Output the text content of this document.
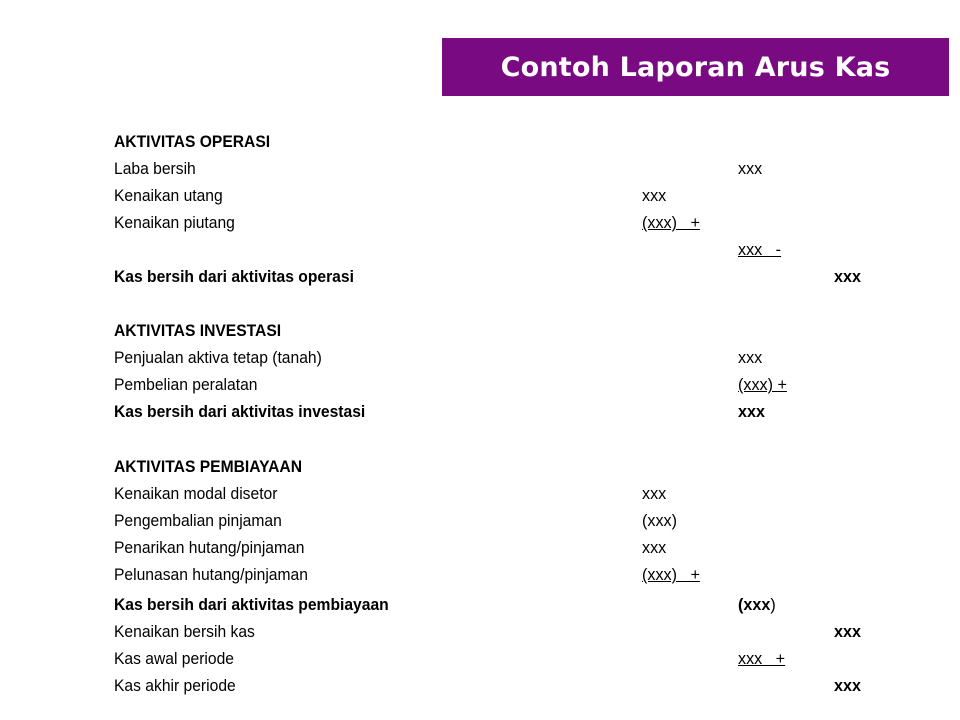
Contoh Laporan Arus Kas
AKTIVITAS OPERASI
Laba bersih	xxx
Kenaikan utang	xxx
Kenaikan piutang	(xxx)   +
xxx   -
Kas bersih dari aktivitas operasi	xxx
AKTIVITAS INVESTASI
Penjualan aktiva tetap (tanah)	xxx
Pembelian peralatan	(xxx) +
Kas bersih dari aktivitas investasi	xxx
AKTIVITAS PEMBIAYAAN
Kenaikan modal disetor	xxx
Pengembalian pinjaman	(xxx)
Penarikan hutang/pinjaman	xxx
Pelunasan hutang/pinjaman	(xxx)   +
Kas bersih dari aktivitas pembiayaan	(xxx)
Kenaikan bersih kas	xxx
Kas awal periode	xxx   +
Kas akhir periode	xxx
